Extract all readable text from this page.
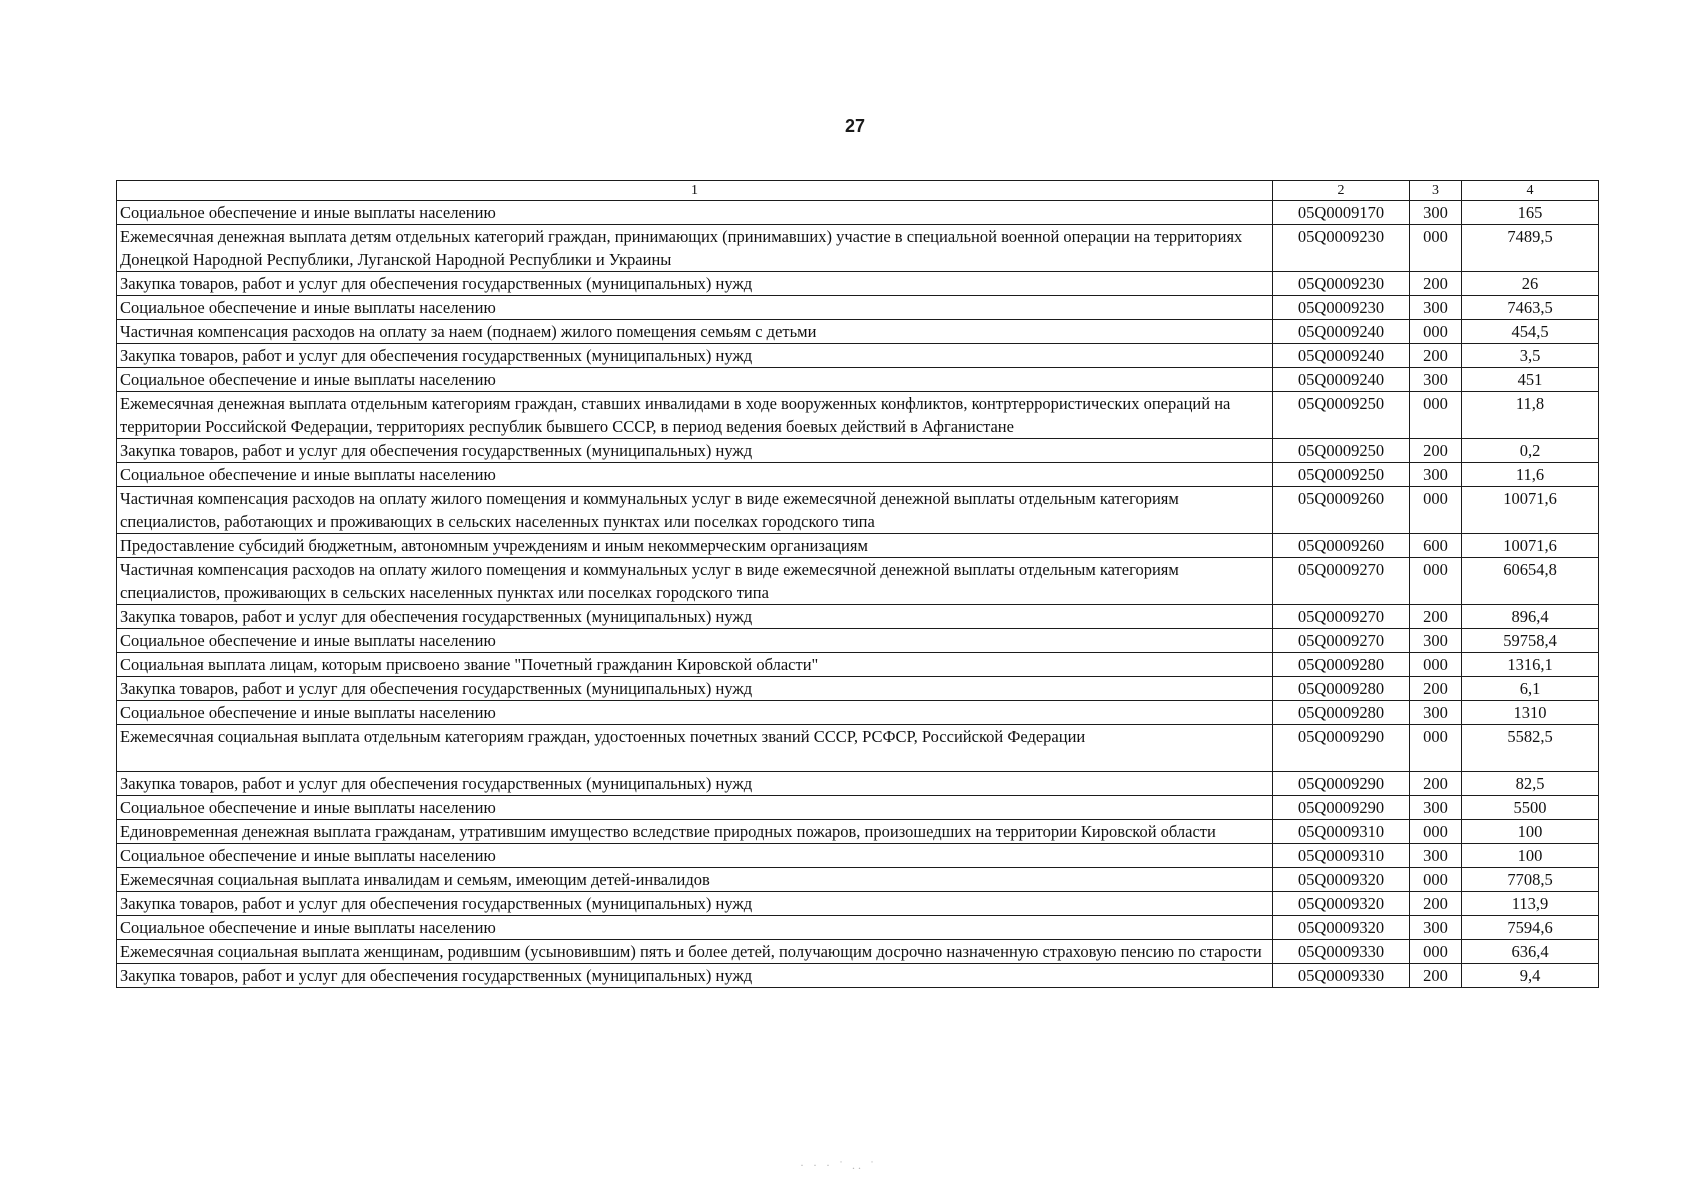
27
1	2	3	4
Социальное обеспечение и иные выплаты населению	05Q0009170	300	165
Ежемесячная денежная выплата детям отдельных категорий граждан, принимающих (принимавших) участие в специальной военной операции на территориях Донецкой Народной Республики, Луганской Народной Республики и Украины	05Q0009230	000	7489,5
Закупка товаров, работ и услуг для обеспечения государственных (муниципальных) нужд	05Q0009230	200	26
Социальное обеспечение и иные выплаты населению	05Q0009230	300	7463,5
Частичная компенсация расходов на оплату за наем (поднаем) жилого помещения семьям с детьми	05Q0009240	000	454,5
Закупка товаров, работ и услуг для обеспечения государственных (муниципальных) нужд	05Q0009240	200	3,5
Социальное обеспечение и иные выплаты населению	05Q0009240	300	451
Ежемесячная денежная выплата отдельным категориям граждан, ставших инвалидами в ходе вооруженных конфликтов, контртеррористических операций на территории Российской Федерации, территориях республик бывшего СССР, в период ведения боевых действий в Афганистане	05Q0009250	000	11,8
Закупка товаров, работ и услуг для обеспечения государственных (муниципальных) нужд	05Q0009250	200	0,2
Социальное обеспечение и иные выплаты населению	05Q0009250	300	11,6
Частичная компенсация расходов на оплату жилого помещения и коммунальных услуг в виде ежемесячной денежной выплаты отдельным категориям специалистов, работающих и проживающих в сельских населенных пунктах или поселках городского типа	05Q0009260	000	10071,6
Предоставление субсидий бюджетным, автономным учреждениям и иным некоммерческим организациям	05Q0009260	600	10071,6
Частичная компенсация расходов на оплату жилого помещения и коммунальных услуг в виде ежемесячной денежной выплаты отдельным категориям специалистов, проживающих в сельских населенных пунктах или поселках городского типа	05Q0009270	000	60654,8
Закупка товаров, работ и услуг для обеспечения государственных (муниципальных) нужд	05Q0009270	200	896,4
Социальное обеспечение и иные выплаты населению	05Q0009270	300	59758,4
Социальная выплата лицам, которым присвоено звание "Почетный гражданин Кировской области"	05Q0009280	000	1316,1
Закупка товаров, работ и услуг для обеспечения государственных (муниципальных) нужд	05Q0009280	200	6,1
Социальное обеспечение и иные выплаты населению	05Q0009280	300	1310
Ежемесячная социальная выплата отдельным категориям граждан, удостоенных почетных званий СССР, РСФСР, Российской Федерации	05Q0009290	000	5582,5
Закупка товаров, работ и услуг для обеспечения государственных (муниципальных) нужд	05Q0009290	200	82,5
Социальное обеспечение и иные выплаты населению	05Q0009290	300	5500
Единовременная денежная выплата гражданам, утратившим имущество вследствие природных пожаров, произошедших на территории Кировской области	05Q0009310	000	100
Социальное обеспечение и иные выплаты населению	05Q0009310	300	100
Ежемесячная социальная выплата инвалидам и семьям, имеющим детей-инвалидов	05Q0009320	000	7708,5
Закупка товаров, работ и услуг для обеспечения государственных (муниципальных) нужд	05Q0009320	200	113,9
Социальное обеспечение и иные выплаты населению	05Q0009320	300	7594,6
Ежемесячная социальная выплата женщинам, родившим (усыновившим) пять и более детей, получающим досрочно назначенную страховую пенсию по старости	05Q0009330	000	636,4
Закупка товаров, работ и услуг для обеспечения государственных (муниципальных) нужд	05Q0009330	200	9,4
· · · ˙ .. ˙
